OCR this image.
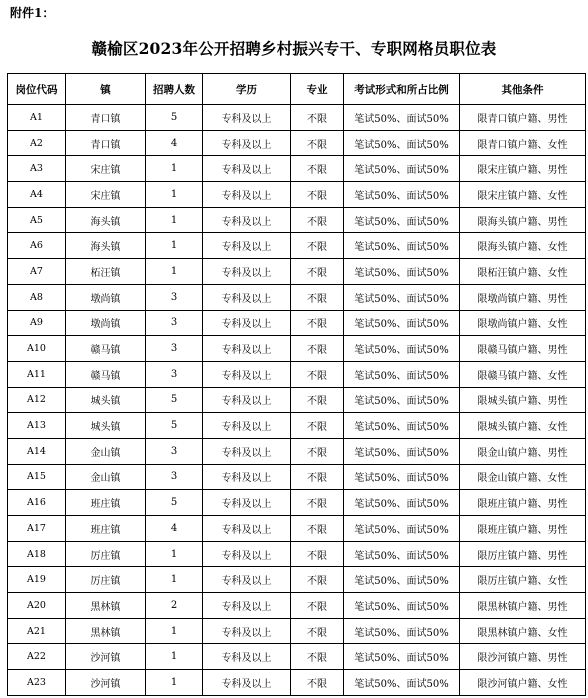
附件1：
赣榆区2023年公开招聘乡村振兴专干、专职网格员职位表
岗位代码	镇	招聘人数	学历	专业	考试形式和所占比例	其他条件
A1	青口镇	5	专科及以上	不限	笔试50%、面试50%	限青口镇户籍、男性
A2	青口镇	4	专科及以上	不限	笔试50%、面试50%	限青口镇户籍、女性
A3	宋庄镇	1	专科及以上	不限	笔试50%、面试50%	限宋庄镇户籍、男性
A4	宋庄镇	1	专科及以上	不限	笔试50%、面试50%	限宋庄镇户籍、女性
A5	海头镇	1	专科及以上	不限	笔试50%、面试50%	限海头镇户籍、男性
A6	海头镇	1	专科及以上	不限	笔试50%、面试50%	限海头镇户籍、女性
A7	柘汪镇	1	专科及以上	不限	笔试50%、面试50%	限柘汪镇户籍、女性
A8	墩尚镇	3	专科及以上	不限	笔试50%、面试50%	限墩尚镇户籍、男性
A9	墩尚镇	3	专科及以上	不限	笔试50%、面试50%	限墩尚镇户籍、女性
A10	赣马镇	3	专科及以上	不限	笔试50%、面试50%	限赣马镇户籍、男性
A11	赣马镇	3	专科及以上	不限	笔试50%、面试50%	限赣马镇户籍、女性
A12	城头镇	5	专科及以上	不限	笔试50%、面试50%	限城头镇户籍、男性
A13	城头镇	5	专科及以上	不限	笔试50%、面试50%	限城头镇户籍、女性
A14	金山镇	3	专科及以上	不限	笔试50%、面试50%	限金山镇户籍、男性
A15	金山镇	3	专科及以上	不限	笔试50%、面试50%	限金山镇户籍、女性
A16	班庄镇	5	专科及以上	不限	笔试50%、面试50%	限班庄镇户籍、男性
A17	班庄镇	4	专科及以上	不限	笔试50%、面试50%	限班庄镇户籍、男性
A18	厉庄镇	1	专科及以上	不限	笔试50%、面试50%	限厉庄镇户籍、男性
A19	厉庄镇	1	专科及以上	不限	笔试50%、面试50%	限厉庄镇户籍、女性
A20	黑林镇	2	专科及以上	不限	笔试50%、面试50%	限黑林镇户籍、男性
A21	黑林镇	1	专科及以上	不限	笔试50%、面试50%	限黑林镇户籍、女性
A22	沙河镇	1	专科及以上	不限	笔试50%、面试50%	限沙河镇户籍、男性
A23	沙河镇	1	专科及以上	不限	笔试50%、面试50%	限沙河镇户籍、女性
